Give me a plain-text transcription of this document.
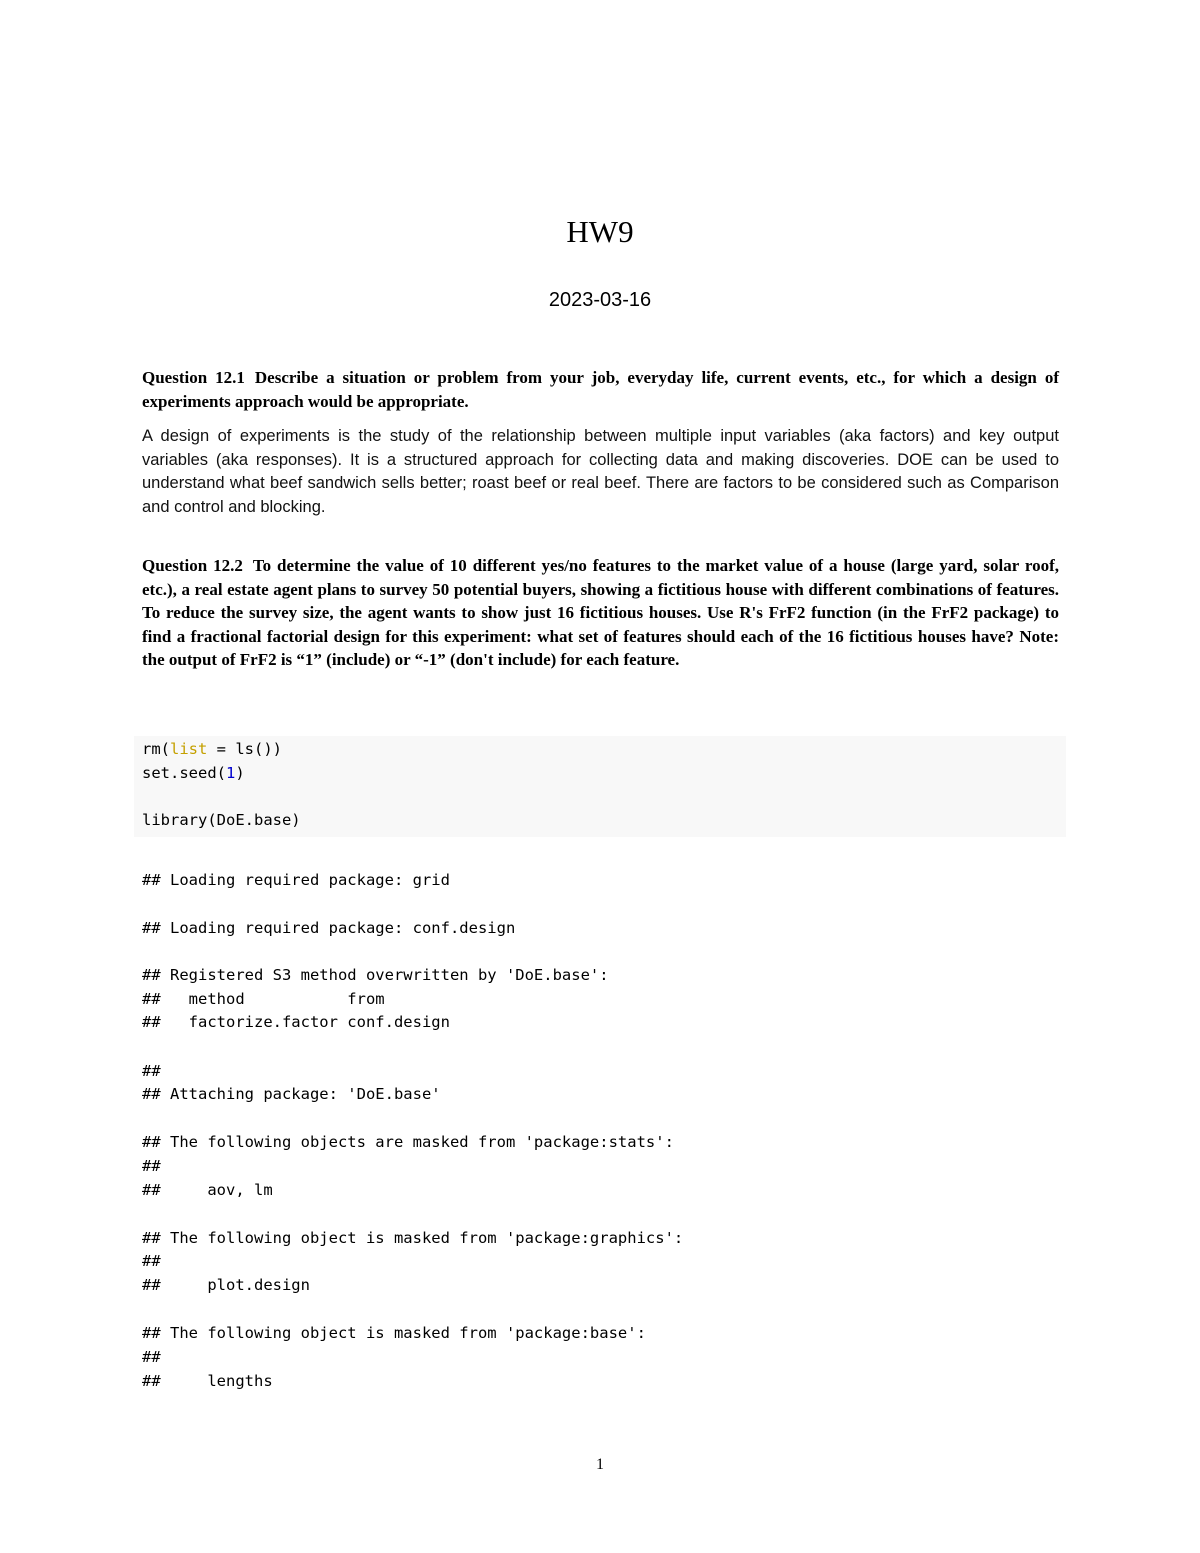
HW9
2023-03-16
Question 12.1 Describe a situation or problem from your job, everyday life, current events, etc., for which a design of experiments approach would be appropriate.
A design of experiments is the study of the relationship between multiple input variables (aka factors) and key output variables (aka responses). It is a structured approach for collecting data and making discoveries. DOE can be used to understand what beef sandwich sells better; roast beef or real beef. There are factors to be considered such as Comparison and control and blocking.
Question 12.2 To determine the value of 10 different yes/no features to the market value of a house (large yard, solar roof, etc.), a real estate agent plans to survey 50 potential buyers, showing a fictitious house with different combinations of features. To reduce the survey size, the agent wants to show just 16 fictitious houses. Use R's FrF2 function (in the FrF2 package) to find a fractional factorial design for this experiment: what set of features should each of the 16 fictitious houses have? Note: the output of FrF2 is “1” (include) or “-1” (don't include) for each feature.
rm(list = ls())
set.seed(1)
library(DoE.base)
## Loading required package: grid
## Loading required package: conf.design
## Registered S3 method overwritten by 'DoE.base':
##   method           from
##   factorize.factor conf.design
##
## Attaching package: 'DoE.base'
## The following objects are masked from 'package:stats':
##
##     aov, lm
## The following object is masked from 'package:graphics':
##
##     plot.design
## The following object is masked from 'package:base':
##
##     lengths
1
